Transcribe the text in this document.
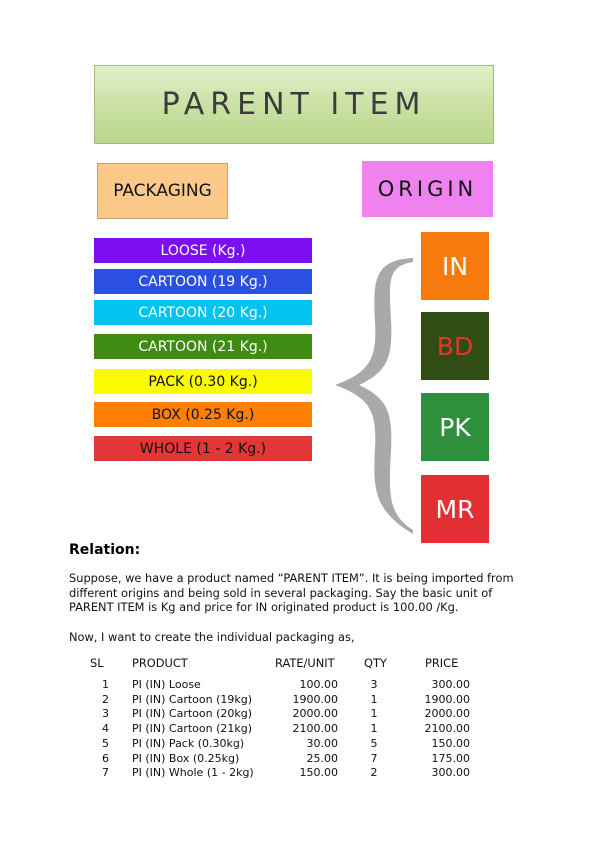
PARENT ITEM
PACKAGING	ORIGIN
LOOSE (Kg.)
CARTOON (19 Kg.)
CARTOON (20 Kg.)
CARTOON (21 Kg.)
PACK (0.30 Kg.)
BOX (0.25 Kg.)
WHOLE (1 - 2 Kg.)
IN
BD
PK
MR
Relation:
Suppose, we have a product named “PARENT ITEM”. It is being imported from different origins and being sold in several packaging. Say the basic unit of PARENT ITEM is Kg and price for IN originated product is 100.00 /Kg.
Now, I want to create the individual packaging as,
SL PRODUCT	RATE/UNIT	QTY	PRICE
1 PI (IN) Loose	100.00	3	300.00
2 PI (IN) Cartoon (19kg)	1900.00	1	1900.00
3 PI (IN) Cartoon (20kg)	2000.00	1	2000.00
4 PI (IN) Cartoon (21kg)	2100.00	1	2100.00
5 PI (IN) Pack (0.30kg)	30.00	5	150.00
6 PI (IN) Box (0.25kg)	25.00	7	175.00
7 PI (IN) Whole (1 - 2kg)	150.00	2	300.00
